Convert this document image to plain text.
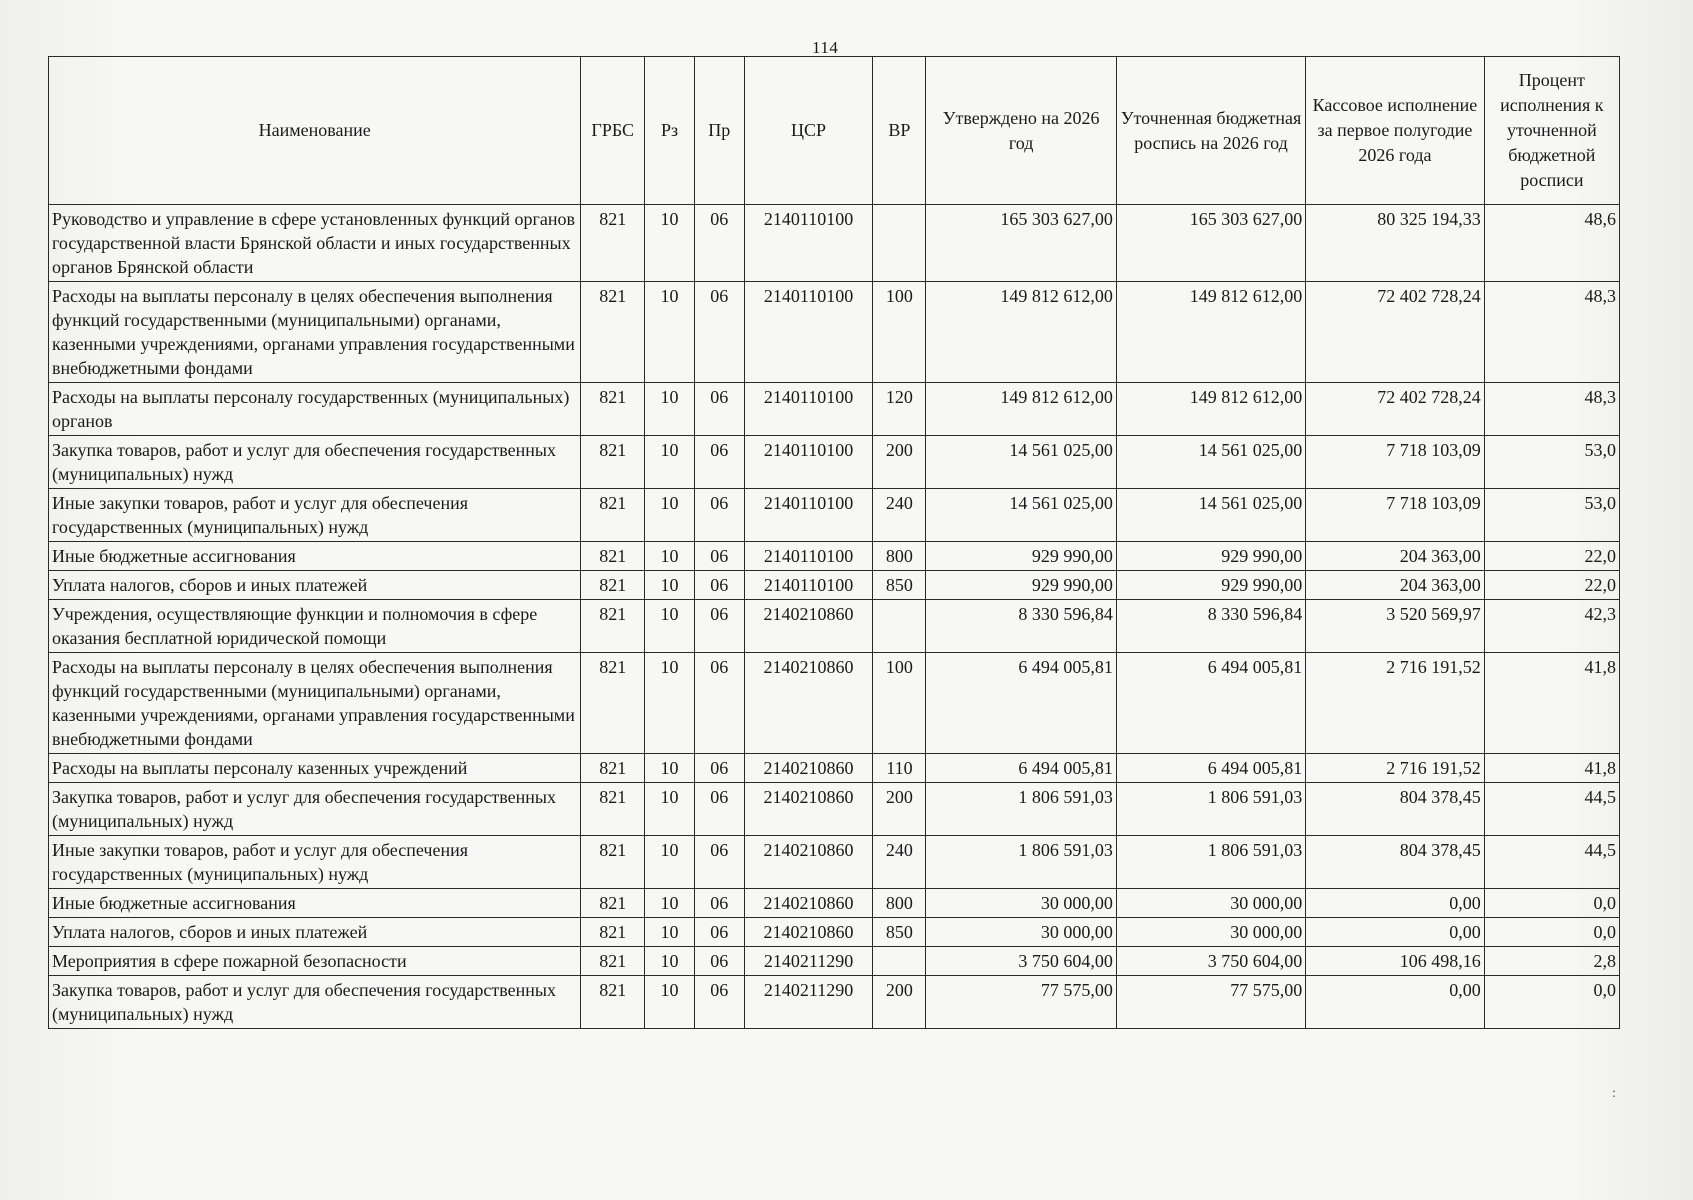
114
Наименование	ГРБС	Рз	Пр	ЦСР	ВР	Утверждено на 2026 год	Уточненная бюджетная роспись на 2026 год	Кассовое исполнение за первое полугодие 2026 года	Процент исполнения к уточненной бюджетной росписи
Руководство и управление в сфере установленных функций органов государственной власти Брянской области и иных государственных органов Брянской области	821	10	06	2140110100		165 303 627,00	165 303 627,00	80 325 194,33	48,6
Расходы на выплаты персоналу в целях обеспечения выполнения функций государственными (муниципальными) органами, казенными учреждениями, органами управления государственными внебюджетными фондами	821	10	06	2140110100	100	149 812 612,00	149 812 612,00	72 402 728,24	48,3
Расходы на выплаты персоналу государственных (муниципальных) органов	821	10	06	2140110100	120	149 812 612,00	149 812 612,00	72 402 728,24	48,3
Закупка товаров, работ и услуг для обеспечения государственных (муниципальных) нужд	821	10	06	2140110100	200	14 561 025,00	14 561 025,00	7 718 103,09	53,0
Иные закупки товаров, работ и услуг для обеспечения государственных (муниципальных) нужд	821	10	06	2140110100	240	14 561 025,00	14 561 025,00	7 718 103,09	53,0
Иные бюджетные ассигнования	821	10	06	2140110100	800	929 990,00	929 990,00	204 363,00	22,0
Уплата налогов, сборов и иных платежей	821	10	06	2140110100	850	929 990,00	929 990,00	204 363,00	22,0
Учреждения, осуществляющие функции и полномочия в сфере оказания бесплатной юридической помощи	821	10	06	2140210860		8 330 596,84	8 330 596,84	3 520 569,97	42,3
Расходы на выплаты персоналу в целях обеспечения выполнения функций государственными (муниципальными) органами, казенными учреждениями, органами управления государственными внебюджетными фондами	821	10	06	2140210860	100	6 494 005,81	6 494 005,81	2 716 191,52	41,8
Расходы на выплаты персоналу казенных учреждений	821	10	06	2140210860	110	6 494 005,81	6 494 005,81	2 716 191,52	41,8
Закупка товаров, работ и услуг для обеспечения государственных (муниципальных) нужд	821	10	06	2140210860	200	1 806 591,03	1 806 591,03	804 378,45	44,5
Иные закупки товаров, работ и услуг для обеспечения государственных (муниципальных) нужд	821	10	06	2140210860	240	1 806 591,03	1 806 591,03	804 378,45	44,5
Иные бюджетные ассигнования	821	10	06	2140210860	800	30 000,00	30 000,00	0,00	0,0
Уплата налогов, сборов и иных платежей	821	10	06	2140210860	850	30 000,00	30 000,00	0,00	0,0
Мероприятия в сфере пожарной безопасности	821	10	06	2140211290		3 750 604,00	3 750 604,00	106 498,16	2,8
Закупка товаров, работ и услуг для обеспечения государственных (муниципальных) нужд	821	10	06	2140211290	200	77 575,00	77 575,00	0,00	0,0
:
